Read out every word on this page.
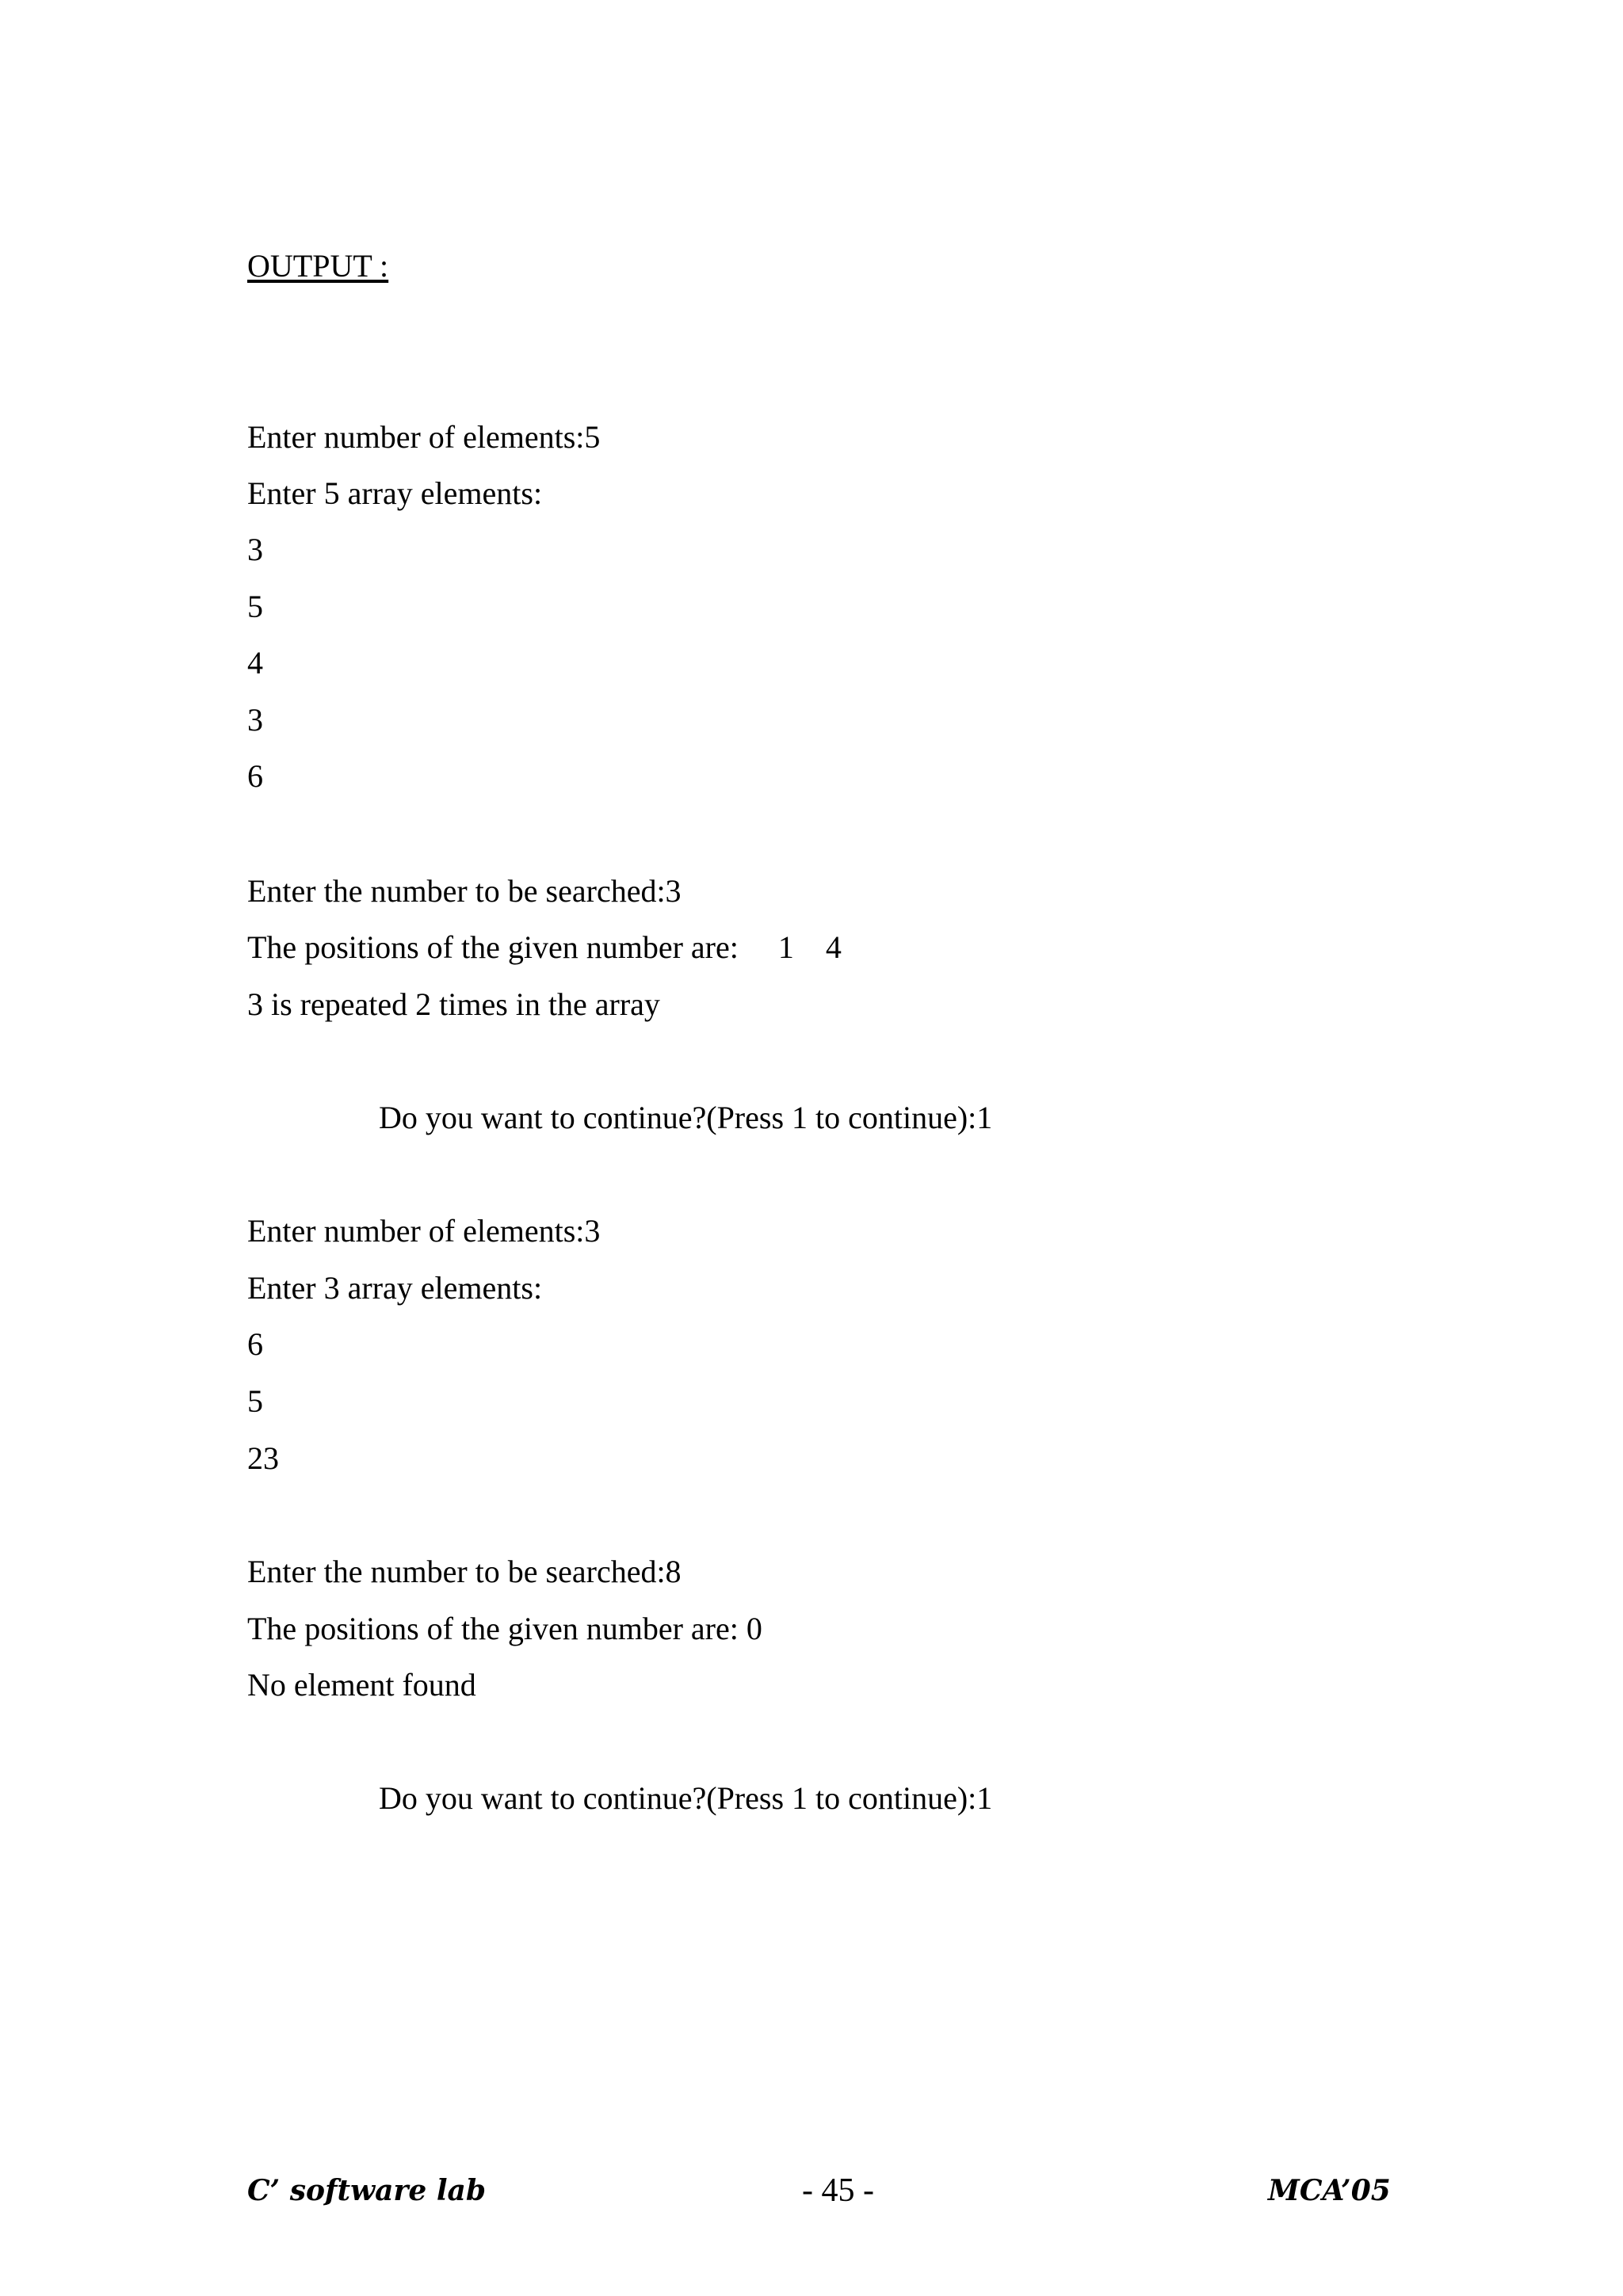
OUTPUT :
Enter number of elements:5
Enter 5 array elements:
3
5
4
3
6
Enter the number to be searched:3
The positions of the given number are:     1    4
3 is repeated 2 times in the array
Do you want to continue?(Press 1 to continue):1
Enter number of elements:3
Enter 3 array elements:
6
5
23
Enter the number to be searched:8
The positions of the given number are: 0
No element found
Do you want to continue?(Press 1 to continue):1
C’ software lab	- 45 -	MCA’05
